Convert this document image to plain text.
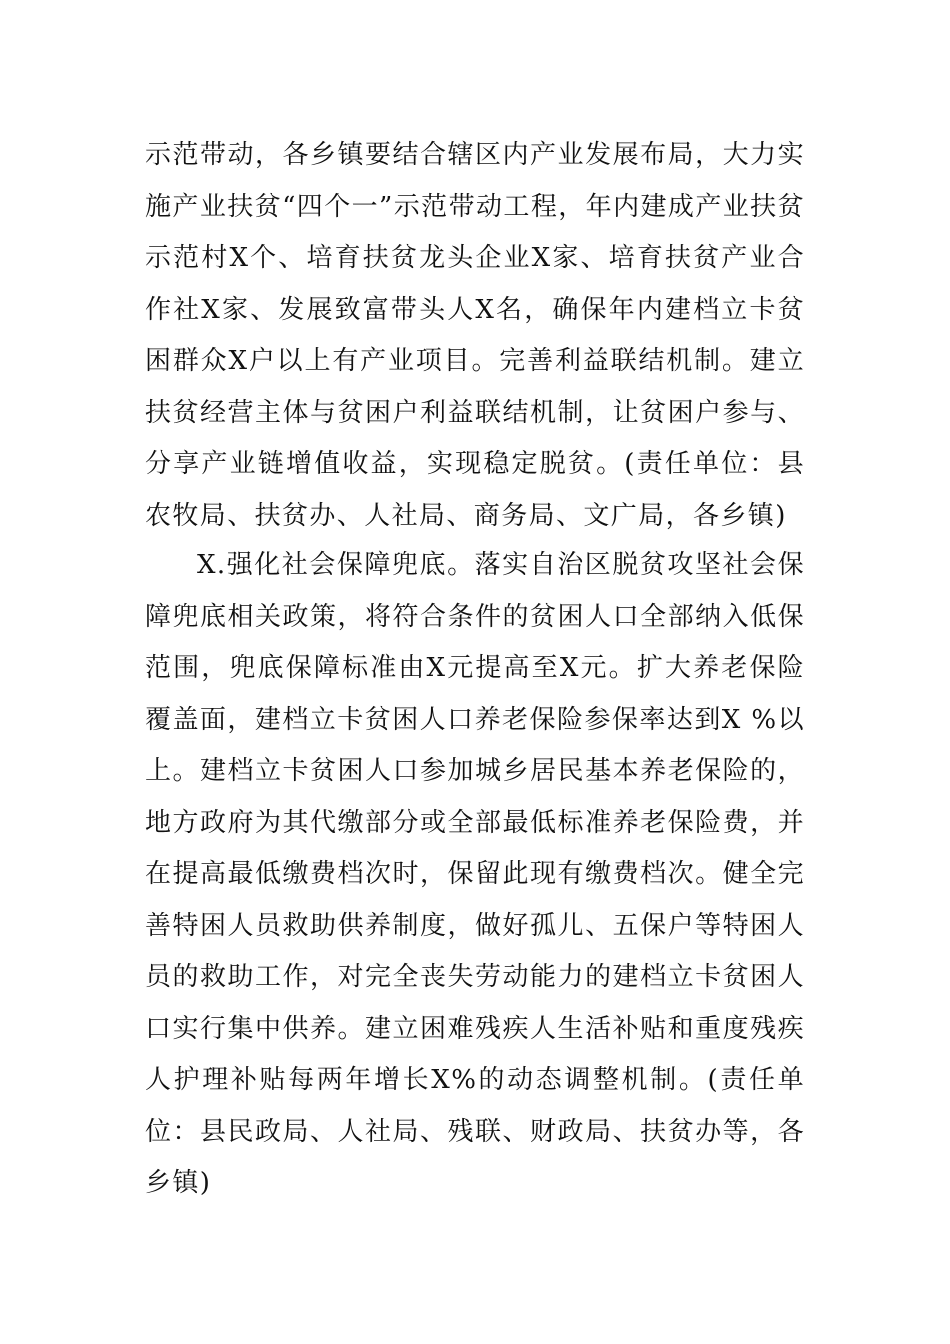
示范带动，各乡镇要结合辖区内产业发展布局，大力实施产业扶贫“四个一”示范带动工程，年内建成产业扶贫示范村X个、培育扶贫龙头企业X家、培育扶贫产业合作社X家、发展致富带头人X名，确保年内建档立卡贫困群众X户以上有产业项目。完善利益联结机制。建立扶贫经营主体与贫困户利益联结机制，让贫困户参与、分享产业链增值收益，实现稳定脱贫。(责任单位：县农牧局、扶贫办、人社局、商务局、文广局，各乡镇)

X.强化社会保障兜底。落实自治区脱贫攻坚社会保障兜底相关政策，将符合条件的贫困人口全部纳入低保范围，兜底保障标准由X元提高至X元。扩大养老保险覆盖面，建档立卡贫困人口养老保险参保率达到X %以上。建档立卡贫困人口参加城乡居民基本养老保险的，地方政府为其代缴部分或全部最低标准养老保险费，并在提高最低缴费档次时，保留此现有缴费档次。健全完善特困人员救助供养制度，做好孤儿、五保户等特困人员的救助工作，对完全丧失劳动能力的建档立卡贫困人口实行集中供养。建立困难残疾人生活补贴和重度残疾人护理补贴每两年增长X%的动态调整机制。(责任单位：县民政局、人社局、残联、财政局、扶贫办等，各乡镇)
